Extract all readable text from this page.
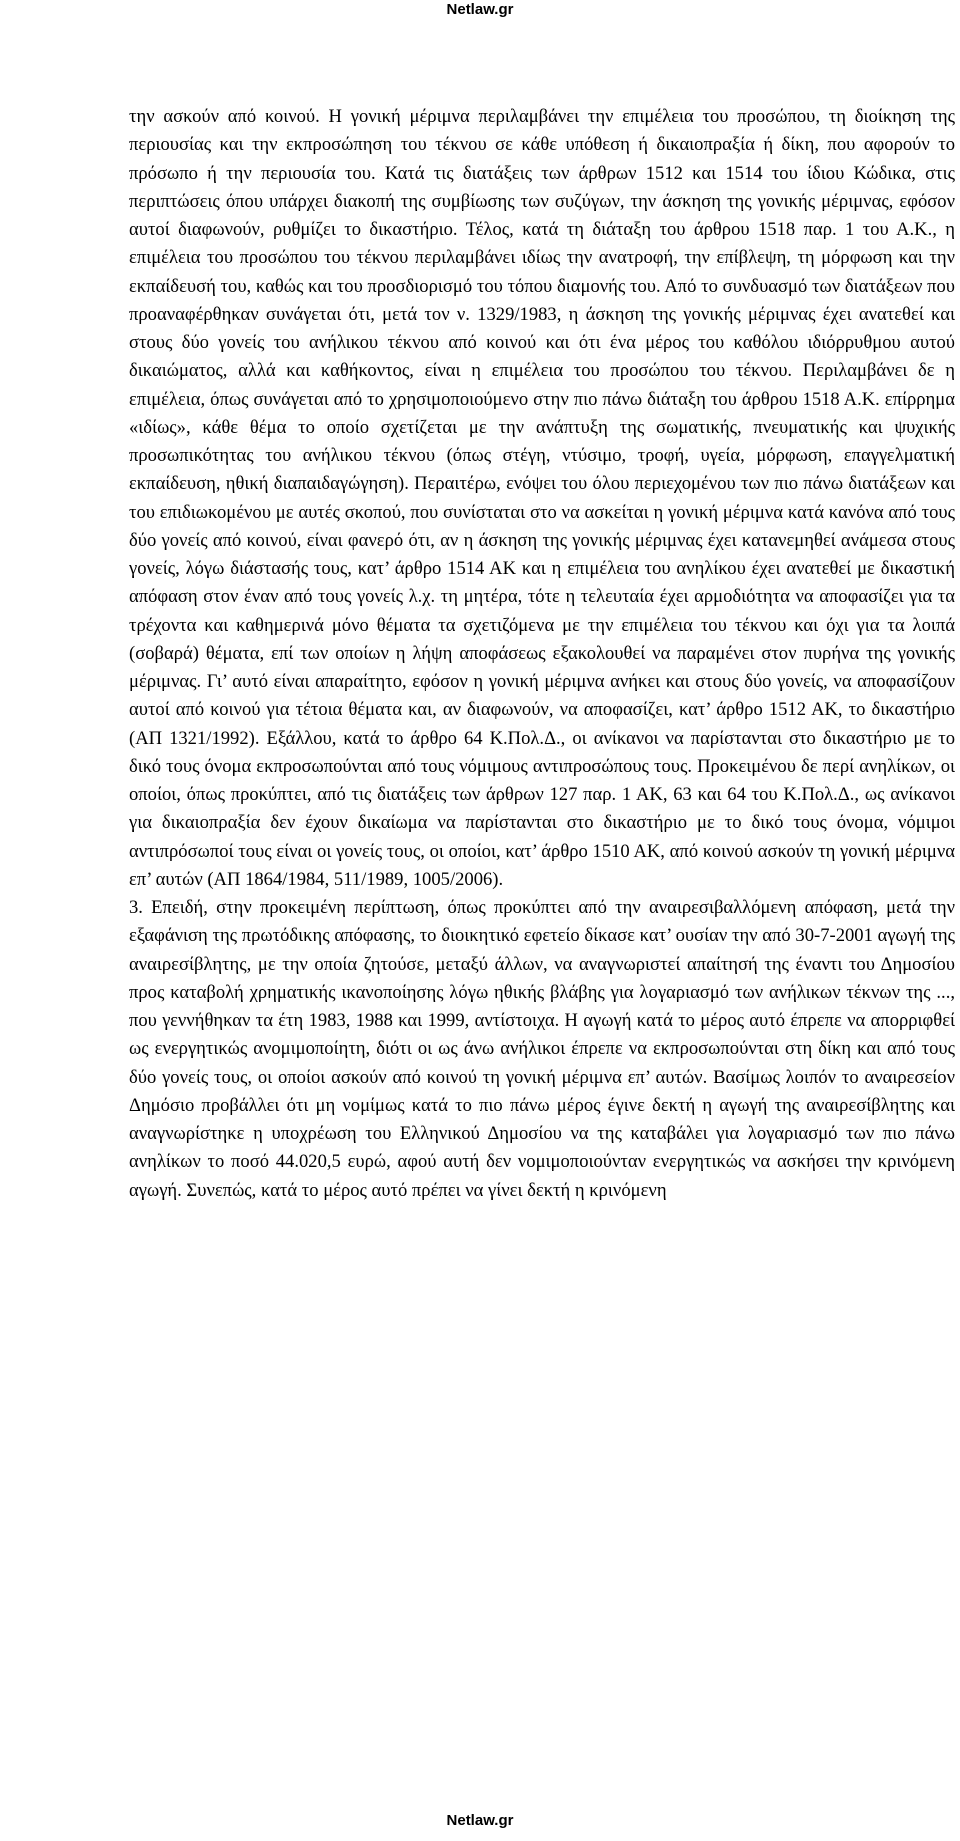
Netlaw.gr

την ασκούν από κοινού. Η γονική μέριμνα περιλαμβάνει την επιμέλεια του προσώπου, τη διοίκηση της περιουσίας και την εκπροσώπηση του τέκνου σε κάθε υπόθεση ή δικαιοπραξία ή δίκη, που αφορούν το πρόσωπο ή την περιουσία του. Κατά τις διατάξεις των άρθρων 1512 και 1514 του ίδιου Κώδικα, στις περιπτώσεις όπου υπάρχει διακοπή της συμβίωσης των συζύγων, την άσκηση της γονικής μέριμνας, εφόσον αυτοί διαφωνούν, ρυθμίζει το δικαστήριο. Τέλος, κατά τη διάταξη του άρθρου 1518 παρ. 1 του Α.Κ., η επιμέλεια του προσώπου του τέκνου περιλαμβάνει ιδίως την ανατροφή, την επίβλεψη, τη μόρφωση και την εκπαίδευσή του, καθώς και του προσδιορισμό του τόπου διαμονής του. Από το συνδυασμό των διατάξεων που προαναφέρθηκαν συνάγεται ότι, μετά τον ν. 1329/1983, η άσκηση της γονικής μέριμνας έχει ανατεθεί και στους δύο γονείς του ανήλικου τέκνου από κοινού και ότι ένα μέρος του καθόλου ιδιόρρυθμου αυτού δικαιώματος, αλλά και καθήκοντος, είναι η επιμέλεια του προσώπου του τέκνου. Περιλαμβάνει δε η επιμέλεια, όπως συνάγεται από το χρησιμοποιούμενο στην πιο πάνω διάταξη του άρθρου 1518 Α.Κ. επίρρημα «ιδίως», κάθε θέμα το οποίο σχετίζεται με την ανάπτυξη της σωματικής, πνευματικής και ψυχικής προσωπικότητας του ανήλικου τέκνου (όπως στέγη, ντύσιμο, τροφή, υγεία, μόρφωση, επαγγελματική εκπαίδευση, ηθική διαπαιδαγώγηση). Περαιτέρω, ενόψει του όλου περιεχομένου των πιο πάνω διατάξεων και του επιδιωκομένου με αυτές σκοπού, που συνίσταται στο να ασκείται η γονική μέριμνα κατά κανόνα από τους δύο γονείς από κοινού, είναι φανερό ότι, αν η άσκηση της γονικής μέριμνας έχει κατανεμηθεί ανάμεσα στους γονείς, λόγω διάστασής τους, κατ’ άρθρο 1514 ΑΚ και η επιμέλεια του ανηλίκου έχει ανατεθεί με δικαστική απόφαση στον έναν από τους γονείς λ.χ. τη μητέρα, τότε η τελευταία έχει αρμοδιότητα να αποφασίζει για τα τρέχοντα και καθημερινά μόνο θέματα τα σχετιζόμενα με την επιμέλεια του τέκνου και όχι για τα λοιπά (σοβαρά) θέματα, επί των οποίων η λήψη αποφάσεως εξακολουθεί να παραμένει στον πυρήνα της γονικής μέριμνας. Γι’ αυτό είναι απαραίτητο, εφόσον η γονική μέριμνα ανήκει και στους δύο γονείς, να αποφασίζουν αυτοί από κοινού για τέτοια θέματα και, αν διαφωνούν, να αποφασίζει, κατ’ άρθρο 1512 ΑΚ, το δικαστήριο (ΑΠ 1321/1992). Εξάλλου, κατά το άρθρο 64 Κ.Πολ.Δ., οι ανίκανοι να παρίστανται στο δικαστήριο με το δικό τους όνομα εκπροσωπούνται από τους νόμιμους αντιπροσώπους τους. Προκειμένου δε περί ανηλίκων, οι οποίοι, όπως προκύπτει, από τις διατάξεις των άρθρων 127 παρ. 1 ΑΚ, 63 και 64 του Κ.Πολ.Δ., ως ανίκανοι για δικαιοπραξία δεν έχουν δικαίωμα να παρίστανται στο δικαστήριο με το δικό τους όνομα, νόμιμοι αντιπρόσωποί τους είναι οι γονείς τους, οι οποίοι, κατ’ άρθρο 1510 ΑΚ, από κοινού ασκούν τη γονική μέριμνα επ’ αυτών (ΑΠ 1864/1984, 511/1989, 1005/2006).

3. Επειδή, στην προκειμένη περίπτωση, όπως προκύπτει από την αναιρεσιβαλλόμενη απόφαση, μετά την εξαφάνιση της πρωτόδικης απόφασης, το διοικητικό εφετείο δίκασε κατ’ ουσίαν την από 30-7-2001 αγωγή της αναιρεσίβλητης, με την οποία ζητούσε, μεταξύ άλλων, να αναγνωριστεί απαίτησή της έναντι του Δημοσίου προς καταβολή χρηματικής ικανοποίησης λόγω ηθικής βλάβης για λογαριασμό των ανήλικων τέκνων της ..., που γεννήθηκαν τα έτη 1983, 1988 και 1999, αντίστοιχα. Η αγωγή κατά το μέρος αυτό έπρεπε να απορριφθεί ως ενεργητικώς ανομιμοποίητη, διότι οι ως άνω ανήλικοι έπρεπε να εκπροσωπούνται στη δίκη και από τους δύο γονείς τους, οι οποίοι ασκούν από κοινού τη γονική μέριμνα επ’ αυτών. Βασίμως λοιπόν το αναιρεσείον Δημόσιο προβάλλει ότι μη νομίμως κατά το πιο πάνω μέρος έγινε δεκτή η αγωγή της αναιρεσίβλητης και αναγνωρίστηκε η υποχρέωση του Ελληνικού Δημοσίου να της καταβάλει για λογαριασμό των πιο πάνω ανηλίκων το ποσό 44.020,5 ευρώ, αφού αυτή δεν νομιμοποιούνταν ενεργητικώς να ασκήσει την κρινόμενη αγωγή. Συνεπώς, κατά το μέρος αυτό πρέπει να γίνει δεκτή η κρινόμενη

Netlaw.gr
